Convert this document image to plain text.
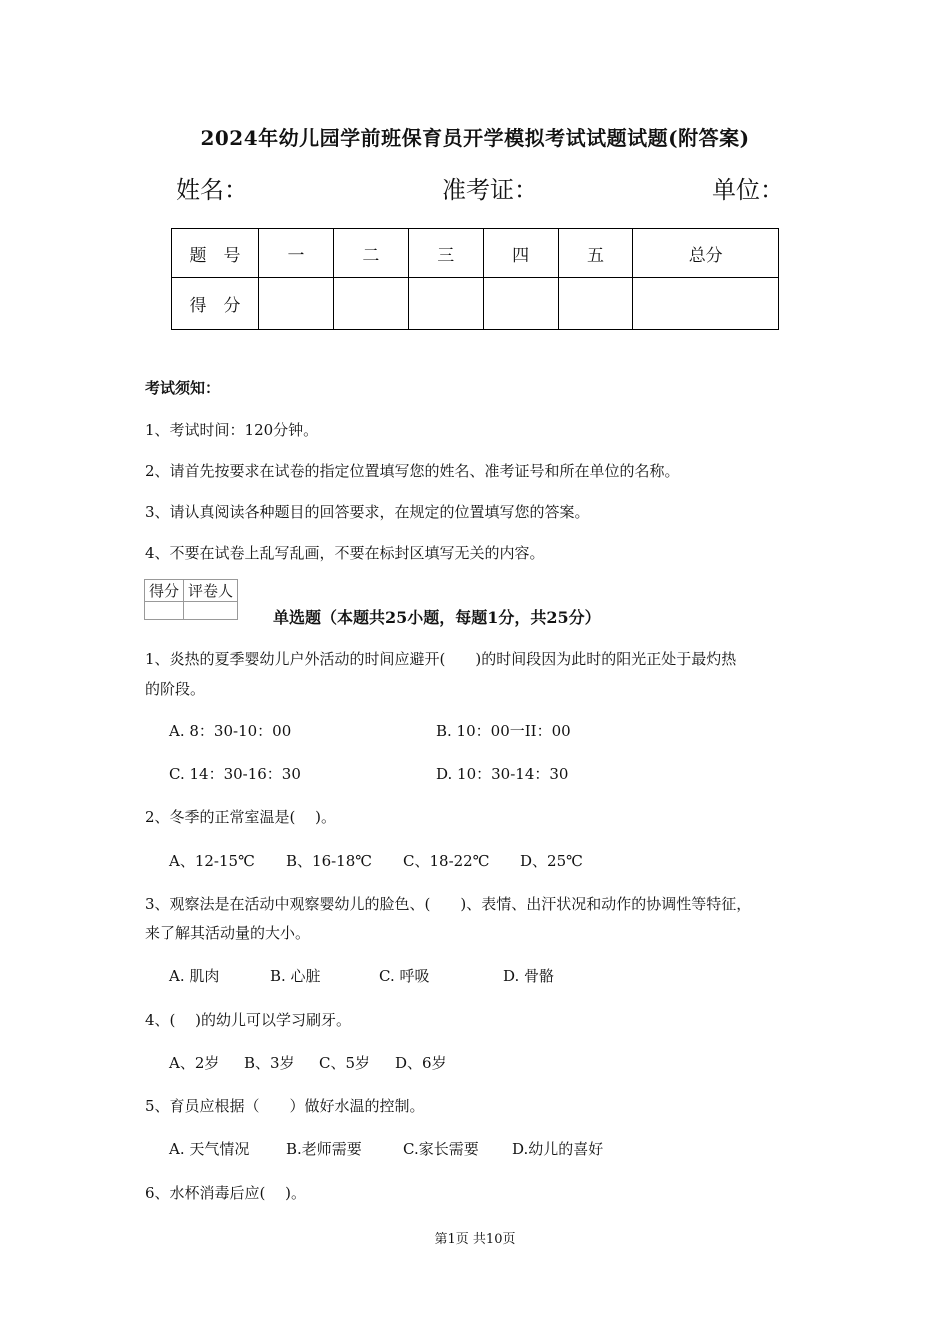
2024年幼儿园学前班保育员开学模拟考试试题试题(附答案)
姓名：	准考证：	单位：
题　号	一	二	三	四	五	总分
得　分						
考试须知：
1、考试时间：120分钟。
2、请首先按要求在试卷的指定位置填写您的姓名、准考证号和所在单位的名称。
3、请认真阅读各种题目的回答要求，在规定的位置填写您的答案。
4、不要在试卷上乱写乱画，不要在标封区填写无关的内容。
得分	评卷人

单选题（本题共25小题，每题1分，共25分）
1、炎热的夏季婴幼儿户外活动的时间应避开(　　)的时间段因为此时的阳光正处于最灼热
的阶段。
A. 8：30-10：00	B. 10：00一II：00
C. 14：30-16：30	D. 10：30-14：30
2、冬季的正常室温是(　 )。
A、12-15℃ B、16-18℃ C、18-22℃ D、25℃
3、观察法是在活动中观察婴幼儿的脸色、(　　)、表情、出汗状况和动作的协调性等特征，
来了解其活动量的大小。
A. 肌肉	B. 心脏	C. 呼吸	D. 骨骼
4、(　 )的幼儿可以学习刷牙。
A、2岁 B、3岁 C、5岁 D、6岁
5、育员应根据（　　）做好水温的控制。
A. 天气情况 B.老师需要	C.家长需要 D.幼儿的喜好
6、水杯消毒后应(　 )。
第1页 共10页
